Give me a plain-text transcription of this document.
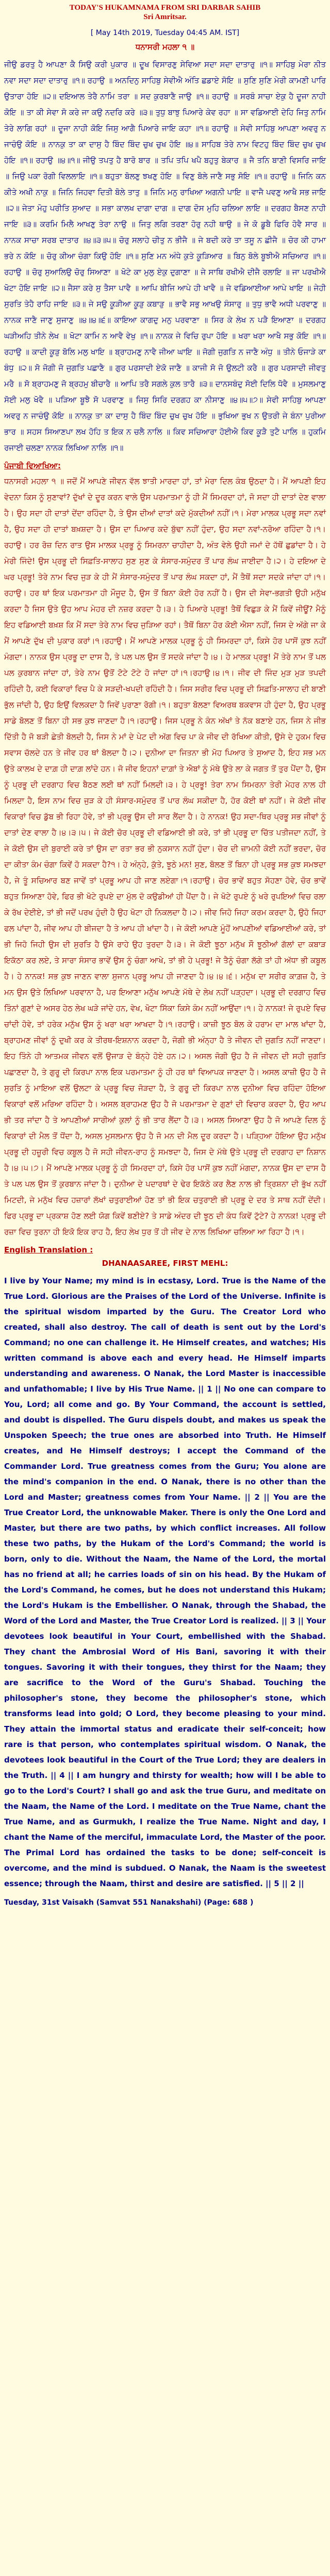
TODAY'S HUKAMNAMA FROM SRI DARBAR SAHIB
Sri Amritsar.
[ May 14th 2019, Tuesday 04:45 AM. IST]
ਧਨਾਸਰੀ ਮਹਲਾ ੧ ॥

ਜੀਉ ਡਰਤੁ ਹੈ ਆਪਣਾ ਕੈ ਸਿਉ ਕਰੀ ਪੁਕਾਰ ॥ ਦੂਖ ਵਿਸਾਰਣੁ ਸੇਵਿਆ ਸਦਾ ਸਦਾ ਦਾਤਾਰੁ ॥੧॥ ਸਾਹਿਬੁ ਮੇਰਾ ਨੀਤ ਨਵਾ ਸਦਾ ਸਦਾ ਦਾਤਾਰੁ ॥੧॥ ਰਹਾਉ ॥ ਅਨਦਿਨੁ ਸਾਹਿਬੁ ਸੇਵੀਐ ਅੰਤਿ ਛਡਾਏ ਸੋਇ ॥ ਸੁਣਿ ਸੁਣਿ ਮੇਰੀ ਕਾਮਣੀ ਪਾਰਿ ਉਤਾਰਾ ਹੋਇ ॥੨॥ ਦਇਆਲ ਤੇਰੈ ਨਾਮਿ ਤਰਾ ॥ ਸਦ ਕੁਰਬਾਣੈ ਜਾਉ ॥੧॥ ਰਹਾਉ ॥ ਸਰਬੰ ਸਾਚਾ ਏਕੁ ਹੈ ਦੂਜਾ ਨਾਹੀ ਕੋਇ ॥ ਤਾ ਕੀ ਸੇਵਾ ਸੋ ਕਰੇ ਜਾ ਕਉ ਨਦਰਿ ਕਰੇ ॥੩॥ ਤੁਧੁ ਬਾਝੁ ਪਿਆਰੇ ਕੇਵ ਰਹਾ ॥ ਸਾ ਵਡਿਆਈ ਦੇਹਿ ਜਿਤੁ ਨਾਮਿ ਤੇਰੇ ਲਾਗਿ ਰਹਾਂ ॥ ਦੂਜਾ ਨਾਹੀ ਕੋਇ ਜਿਸੁ ਆਗੈ ਪਿਆਰੇ ਜਾਇ ਕਹਾ ॥੧॥ ਰਹਾਉ ॥ ਸੇਵੀ ਸਾਹਿਬੁ ਆਪਣਾ ਅਵਰੁ ਨ ਜਾਚੰਉ ਕੋਇ ॥ ਨਾਨਕੁ ਤਾ ਕਾ ਦਾਸੁ ਹੈ ਬਿੰਦ ਬਿੰਦ ਚੁਖ ਚੁਖ ਹੋਇ ॥੪॥ ਸਾਹਿਬ ਤੇਰੇ ਨਾਮ ਵਿਟਹੁ ਬਿੰਦ ਬਿੰਦ ਚੁਖ ਚੁਖ ਹੋਇ ॥੧॥ ਰਹਾਉ ॥੪॥੧॥ ਜੀਉ ਤਪਤੁ ਹੈ ਬਾਰੋ ਬਾਰ ॥ ਤਪਿ ਤਪਿ ਖਪੈ ਬਹੁਤੁ ਬੇਕਾਰ ॥ ਜੈ ਤਨਿ ਬਾਣੀ ਵਿਸਰਿ ਜਾਇ ॥ ਜਿਉ ਪਕਾ ਰੋਗੀ ਵਿਲਲਾਇ ॥੧॥ ਬਹੁਤਾ ਬੋਲਣੁ ਝਖਣੁ ਹੋਇ ॥ ਵਿਣੁ ਬੋਲੇ ਜਾਣੈ ਸਭੁ ਸੋਇ ॥੧॥ ਰਹਾਉ ॥ ਜਿਨਿ ਕਨ ਕੀਤੇ ਅਖੀ ਨਾਕੁ ॥ ਜਿਨਿ ਜਿਹਵਾ ਦਿਤੀ ਬੋਲੇ ਤਾਤੁ ॥ ਜਿਨਿ ਮਨੁ ਰਾਖਿਆ ਅਗਨੀ ਪਾਇ ॥ ਵਾਜੈ ਪਵਣੁ ਆਖੈ ਸਭ ਜਾਇ ॥੨॥ ਜੇਤਾ ਮੋਹੁ ਪਰੀਤਿ ਸੁਆਦ ॥ ਸਭਾ ਕਾਲਖ ਦਾਗਾ ਦਾਗ ॥ ਦਾਗ ਦੋਸ ਮੁਹਿ ਚਲਿਆ ਲਾਇ ॥ ਦਰਗਹ ਬੈਸਣ ਨਾਹੀ ਜਾਇ ॥੩॥ ਕਰਮਿ ਮਿਲੈ ਆਖਣੁ ਤੇਰਾ ਨਾਉ ॥ ਜਿਤੁ ਲਗਿ ਤਰਣਾ ਹੋਰੁ ਨਹੀ ਥਾਉ ॥ ਜੇ ਕੋ ਡੂਬੈ ਫਿਰਿ ਹੋਵੈ ਸਾਰ ॥ ਨਾਨਕ ਸਾਚਾ ਸਰਬ ਦਾਤਾਰ ॥੪॥੩॥੫॥ ਚੋਰੁ ਸਲਾਹੇ ਚੀਤੁ ਨ ਭੀਜੈ ॥ ਜੇ ਬਦੀ ਕਰੇ ਤਾ ਤਸੂ ਨ ਛੀਜੈ ॥ ਚੋਰ ਕੀ ਹਾਮਾ ਭਰੇ ਨ ਕੋਇ ॥ ਚੋਰੁ ਕੀਆ ਚੰਗਾ ਕਿਉ ਹੋਇ ॥੧॥ ਸੁਣਿ ਮਨ ਅੰਧੇ ਕੁਤੇ ਕੂੜਿਆਰ ॥ ਬਿਨੁ ਬੋਲੇ ਬੂਝੀਐ ਸਚਿਆਰ ॥੧॥ ਰਹਾਉ ॥ ਚੋਰੁ ਸੁਆਲਿਉ ਚੋਰੁ ਸਿਆਣਾ ॥ ਖੋਟੇ ਕਾ ਮੁਲੁ ਏਕੁ ਦੁਗਾਣਾ ॥ ਜੇ ਸਾਥਿ ਰਖੀਐ ਦੀਜੈ ਰਲਾਇ ॥ ਜਾ ਪਰਖੀਐ ਖੋਟਾ ਹੋਇ ਜਾਇ ॥੨॥ ਜੈਸਾ ਕਰੇ ਸੁ ਤੈਸਾ ਪਾਵੈ ॥ ਆਪਿ ਬੀਜਿ ਆਪੇ ਹੀ ਖਾਵੈ ॥ ਜੇ ਵਡਿਆਈਆ ਆਪੇ ਖਾਇ ॥ ਜੇਹੀ ਸੁਰਤਿ ਤੇਹੈ ਰਾਹਿ ਜਾਇ ॥੩॥ ਜੇ ਸਉ ਕੂੜੀਆ ਕੂੜੁ ਕਬਾੜੁ ॥ ਭਾਵੈ ਸਭੁ ਆਖਉ ਸੰਸਾਰੁ ॥ ਤੁਧੁ ਭਾਵੈ ਅਧੀ ਪਰਵਾਣੁ ॥ ਨਾਨਕ ਜਾਣੈ ਜਾਣੁ ਸੁਜਾਣੁ ॥੪॥੪॥੬॥ ਕਾਇਆ ਕਾਗਦੁ ਮਨੁ ਪਰਵਾਣਾ ॥ ਸਿਰ ਕੇ ਲੇਖ ਨ ਪੜੈ ਇਆਣਾ ॥ ਦਰਗਹ ਘੜੀਅਹਿ ਤੀਨੇ ਲੇਖ ॥ ਖੋਟਾ ਕਾਮਿ ਨ ਆਵੈ ਵੇਖੁ ॥੧॥ ਨਾਨਕ ਜੇ ਵਿਚਿ ਰੁਪਾ ਹੋਇ ॥ ਖਰਾ ਖਰਾ ਆਖੈ ਸਭੁ ਕੋਇ ॥੧॥ ਰਹਾਉ ॥ ਕਾਦੀ ਕੂੜੁ ਬੋਲਿ ਮਲੁ ਖਾਇ ॥ ਬ੍ਰਾਹਮਣੁ ਨਾਵੈ ਜੀਆ ਘਾਇ ॥ ਜੋਗੀ ਜੁਗਤਿ ਨ ਜਾਣੈ ਅੰਧੁ ॥ ਤੀਨੇ ਓਜਾੜੇ ਕਾ ਬੰਧੁ ॥੨॥ ਸੋ ਜੋਗੀ ਜੋ ਜੁਗਤਿ ਪਛਾਣੈ ॥ ਗੁਰ ਪਰਸਾਦੀ ਏਕੋ ਜਾਣੈ ॥ ਕਾਜੀ ਸੋ ਜੋ ਉਲਟੀ ਕਰੈ ॥ ਗੁਰ ਪਰਸਾਦੀ ਜੀਵਤੁ ਮਰੈ ॥ ਸੋ ਬ੍ਰਾਹਮਣੁ ਜੋ ਬ੍ਰਹਮੁ ਬੀਚਾਰੈ ॥ ਆਪਿ ਤਰੈ ਸਗਲੇ ਕੁਲ ਤਾਰੈ ॥੩॥ ਦਾਨਸਬੰਦੁ ਸੋਈ ਦਿਲਿ ਧੋਵੈ ॥ ਮੁਸਲਮਾਣੁ ਸੋਈ ਮਲੁ ਖੋਵੈ ॥ ਪੜਿਆ ਬੂਝੈ ਸੋ ਪਰਵਾਣੁ ॥ ਜਿਸੁ ਸਿਰਿ ਦਰਗਹ ਕਾ ਨੀਸਾਣੁ ॥੪॥੫॥੭॥ ਸੇਵੀ ਸਾਹਿਬੁ ਆਪਣਾ ਅਵਰੁ ਨ ਜਾਚੰਉ ਕੋਇ ॥ ਨਾਨਕੁ ਤਾ ਕਾ ਦਾਸੁ ਹੈ ਬਿੰਦ ਬਿੰਦ ਚੁਖ ਚੁਖ ਹੋਇ ॥ ਭੁਖਿਆ ਭੁਖ ਨ ਉਤਰੀ ਜੇ ਬੰਨਾ ਪੁਰੀਆ ਭਾਰ ॥ ਸਹਸ ਸਿਆਣਪਾ ਲਖ ਹੋਹਿ ਤ ਇਕ ਨ ਚਲੈ ਨਾਲਿ ॥ ਕਿਵ ਸਚਿਆਰਾ ਹੋਈਐ ਕਿਵ ਕੂੜੈ ਤੁਟੈ ਪਾਲਿ ॥ ਹੁਕਮਿ ਰਜਾਈ ਚਲਣਾ ਨਾਨਕ ਲਿਖਿਆ ਨਾਲਿ ॥੧॥

ਪੰਜਾਬੀ ਵਿਆਖਿਆ:

ਧਨਾਸਰੀ ਮਹਲਾ ੧ ॥ ਜਦੋਂ ਮੈਂ ਆਪਣੇ ਜੀਵਨ ਵੱਲ ਝਾਤੀ ਮਾਰਦਾ ਹਾਂ, ਤਾਂ ਮੇਰਾ ਦਿਲ ਕੰਬ ਉਠਦਾ ਹੈ। ਮੈਂ ਆਪਣੀ ਇਹ ਵੇਦਨਾ ਕਿਸ ਨੂੰ ਸੁਣਾਵਾਂ? ਦੁੱਖਾਂ ਦੇ ਦੂਰ ਕਰਨ ਵਾਲੇ ਉਸ ਪਰਮਾਤਮਾ ਨੂੰ ਹੀ ਮੈਂ ਸਿਮਰਦਾ ਹਾਂ, ਜੋ ਸਦਾ ਹੀ ਦਾਤਾਂ ਦੇਣ ਵਾਲਾ ਹੈ। ਉਹ ਸਦਾ ਹੀ ਦਾਤਾਂ ਦੇਂਦਾ ਰਹਿੰਦਾ ਹੈ, ਤੇ ਉਸ ਦੀਆਂ ਦਾਤਾਂ ਕਦੇ ਮੁੱਕਦੀਆਂ ਨਹੀਂ।੧। ਮੇਰਾ ਮਾਲਕ ਪ੍ਰਭੂ ਸਦਾ ਨਵਾਂ ਹੈ, ਉਹ ਸਦਾ ਹੀ ਦਾਤਾਂ ਬਖ਼ਸ਼ਦਾ ਹੈ। ਉਸ ਦਾ ਪਿਆਰ ਕਦੇ ਬੁੱਢਾ ਨਹੀਂ ਹੁੰਦਾ, ਉਹ ਸਦਾ ਨਵਾਂ-ਨਰੋਆ ਰਹਿੰਦਾ ਹੈ।੧।ਰਹਾਉ। ਹਰ ਰੋਜ਼ ਦਿਨ ਰਾਤ ਉਸ ਮਾਲਕ ਪ੍ਰਭੂ ਨੂੰ ਸਿਮਰਨਾ ਚਾਹੀਦਾ ਹੈ, ਅੰਤ ਵੇਲੇ ਉਹੀ ਜਮਾਂ ਦੇ ਹੱਥੋਂ ਛੁਡਾਂਦਾ ਹੈ। ਹੇ ਮੇਰੀ ਜਿੰਦੇ! ਉਸ ਪ੍ਰਭੂ ਦੀ ਸਿਫ਼ਤਿ-ਸਾਲਾਹ ਸੁਣ ਸੁਣ ਕੇ ਸੰਸਾਰ-ਸਮੁੰਦਰ ਤੋਂ ਪਾਰ ਲੰਘ ਜਾਈਦਾ ਹੈ।੨। ਹੇ ਦਇਆ ਦੇ ਘਰ ਪ੍ਰਭੂ! ਤੇਰੇ ਨਾਮ ਵਿਚ ਜੁੜ ਕੇ ਹੀ ਮੈਂ ਸੰਸਾਰ-ਸਮੁੰਦਰ ਤੋਂ ਪਾਰ ਲੰਘ ਸਕਦਾ ਹਾਂ, ਮੈਂ ਤੈਥੋਂ ਸਦਾ ਸਦਕੇ ਜਾਂਦਾ ਹਾਂ।੧।ਰਹਾਉ। ਹਰ ਥਾਂ ਇਕ ਪਰਮਾਤਮਾ ਹੀ ਮੌਜੂਦ ਹੈ, ਉਸ ਤੋਂ ਬਿਨਾ ਕੋਈ ਹੋਰ ਨਹੀਂ ਹੈ। ਉਸ ਦੀ ਸੇਵਾ-ਭਗਤੀ ਉਹੀ ਮਨੁੱਖ ਕਰਦਾ ਹੈ ਜਿਸ ਉਤੇ ਉਹ ਆਪ ਮੇਹਰ ਦੀ ਨਜ਼ਰ ਕਰਦਾ ਹੈ।੩। ਹੇ ਪਿਆਰੇ ਪ੍ਰਭੂ! ਤੈਥੋਂ ਵਿਛੁੜ ਕੇ ਮੈਂ ਕਿਵੇਂ ਜੀਊਂ? ਮੈਨੂੰ ਇਹ ਵਡਿਆਈ ਬਖ਼ਸ਼ ਕਿ ਮੈਂ ਸਦਾ ਤੇਰੇ ਨਾਮ ਵਿਚ ਜੁੜਿਆ ਰਹਾਂ। ਤੈਥੋਂ ਬਿਨਾ ਹੋਰ ਕੋਈ ਐਸਾ ਨਹੀਂ, ਜਿਸ ਦੇ ਅੱਗੇ ਜਾ ਕੇ ਮੈਂ ਆਪਣੇ ਦੁੱਖ ਦੀ ਪੁਕਾਰ ਕਰਾਂ।੧।ਰਹਾਉ। ਮੈਂ ਆਪਣੇ ਮਾਲਕ ਪ੍ਰਭੂ ਨੂੰ ਹੀ ਸਿਮਰਦਾ ਹਾਂ, ਕਿਸੇ ਹੋਰ ਪਾਸੋਂ ਕੁਝ ਨਹੀਂ ਮੰਗਦਾ। ਨਾਨਕ ਉਸ ਪ੍ਰਭੂ ਦਾ ਦਾਸ ਹੈ, ਤੇ ਪਲ ਪਲ ਉਸ ਤੋਂ ਸਦਕੇ ਜਾਂਦਾ ਹੈ।੪। ਹੇ ਮਾਲਕ ਪ੍ਰਭੂ! ਮੈਂ ਤੇਰੇ ਨਾਮ ਤੋਂ ਪਲ ਪਲ ਕੁਰਬਾਨ ਜਾਂਦਾ ਹਾਂ, ਤੇਰੇ ਨਾਮ ਉਤੋਂ ਟੋਟੇ ਟੋਟੇ ਹੋ ਜਾਂਦਾ ਹਾਂ।੧।ਰਹਾਉ।੪।੧। ਜੀਵ ਦੀ ਜਿੰਦ ਮੁੜ ਮੁੜ ਤਪਦੀ ਰਹਿੰਦੀ ਹੈ, ਕਈ ਵਿਕਾਰਾਂ ਵਿਚ ਪੈ ਕੇ ਸੜਦੀ-ਖਪਦੀ ਰਹਿੰਦੀ ਹੈ। ਜਿਸ ਸਰੀਰ ਵਿਚ ਪ੍ਰਭੂ ਦੀ ਸਿਫ਼ਤਿ-ਸਾਲਾਹ ਦੀ ਬਾਣੀ ਭੁੱਲ ਜਾਂਦੀ ਹੈ, ਉਹ ਇਉਂ ਵਿਲਕਦਾ ਹੈ ਜਿਵੇਂ ਪੁਰਾਣਾ ਰੋਗੀ।੧। ਬਹੁਤਾ ਬੋਲਣਾ ਵਿਅਰਥ ਬਕਵਾਸ ਹੀ ਹੁੰਦਾ ਹੈ, ਉਹ ਪ੍ਰਭੂ ਸਾਡੇ ਬੋਲਣ ਤੋਂ ਬਿਨਾ ਹੀ ਸਭ ਕੁਝ ਜਾਣਦਾ ਹੈ।੧।ਰਹਾਉ। ਜਿਸ ਪ੍ਰਭੂ ਨੇ ਕੰਨ ਅੱਖਾਂ ਤੇ ਨੱਕ ਬਣਾਏ ਹਨ, ਜਿਸ ਨੇ ਜੀਭ ਦਿੱਤੀ ਹੈ ਜੋ ਬੜੀ ਛੇਤੀ ਬੋਲਦੀ ਹੈ, ਜਿਸ ਨੇ ਮਾਂ ਦੇ ਪੇਟ ਦੀ ਅੱਗ ਵਿਚ ਪਾ ਕੇ ਜੀਵ ਦੀ ਰੱਖਿਆ ਕੀਤੀ, ਉਸੇ ਦੇ ਹੁਕਮ ਵਿਚ ਸਵਾਸ ਚੱਲਦੇ ਹਨ ਤੇ ਜੀਵ ਹਰ ਥਾਂ ਬੋਲਦਾ ਹੈ।੨। ਦੁਨੀਆ ਦਾ ਜਿਤਨਾ ਭੀ ਮੋਹ ਪਿਆਰ ਤੇ ਸੁਆਦ ਹੈ, ਇਹ ਸਭ ਮਨ ਉਤੇ ਕਾਲਖ ਦੇ ਦਾਗ਼ ਹੀ ਦਾਗ਼ ਲਾਂਦੇ ਹਨ। ਜੋ ਜੀਵ ਇਹਨਾਂ ਦਾਗ਼ਾਂ ਤੇ ਐਬਾਂ ਨੂੰ ਮੱਥੇ ਉਤੇ ਲਾ ਕੇ ਜਗਤ ਤੋਂ ਤੁਰ ਪੈਂਦਾ ਹੈ, ਉਸ ਨੂੰ ਪ੍ਰਭੂ ਦੀ ਦਰਗਾਹ ਵਿਚ ਬੈਠਣ ਲਈ ਥਾਂ ਨਹੀਂ ਮਿਲਦੀ।੩। ਹੇ ਪ੍ਰਭੂ! ਤੇਰਾ ਨਾਮ ਸਿਮਰਨਾ ਤੇਰੀ ਮੇਹਰ ਨਾਲ ਹੀ ਮਿਲਦਾ ਹੈ, ਇਸ ਨਾਮ ਵਿਚ ਜੁੜ ਕੇ ਹੀ ਸੰਸਾਰ-ਸਮੁੰਦਰ ਤੋਂ ਪਾਰ ਲੰਘ ਸਕੀਦਾ ਹੈ, ਹੋਰ ਕੋਈ ਥਾਂ ਨਹੀਂ। ਜੇ ਕੋਈ ਜੀਵ ਵਿਕਾਰਾਂ ਵਿਚ ਡੁੱਬ ਭੀ ਰਿਹਾ ਹੋਵੇ, ਤਾਂ ਭੀ ਪ੍ਰਭੂ ਉਸ ਦੀ ਸਾਰ ਲੈਂਦਾ ਹੈ। ਹੇ ਨਾਨਕ! ਉਹ ਸਦਾ-ਥਿਰ ਪ੍ਰਭੂ ਸਭ ਜੀਵਾਂ ਨੂੰ ਦਾਤਾਂ ਦੇਣ ਵਾਲਾ ਹੈ।੪।੩।੫। ਜੇ ਕੋਈ ਚੋਰ ਪ੍ਰਭੂ ਦੀ ਵਡਿਆਈ ਭੀ ਕਰੇ, ਤਾਂ ਭੀ ਪ੍ਰਭੂ ਦਾ ਚਿੱਤ ਪਤੀਜਦਾ ਨਹੀਂ, ਤੇ ਜੇ ਕੋਈ ਉਸ ਦੀ ਬੁਰਾਈ ਕਰੇ ਤਾਂ ਉਸ ਦਾ ਰਤਾ ਭਰ ਭੀ ਨੁਕਸਾਨ ਨਹੀਂ ਹੁੰਦਾ। ਚੋਰ ਦੀ ਜ਼ਾਮਨੀ ਕੋਈ ਨਹੀਂ ਭਰਦਾ, ਚੋਰ ਦਾ ਕੀਤਾ ਕੰਮ ਚੰਗਾ ਕਿਵੇਂ ਹੋ ਸਕਦਾ ਹੈ?੧। ਹੇ ਅੰਨ੍ਹੇ, ਕੁੱਤੇ, ਝੂਠੇ ਮਨ! ਸੁਣ, ਬੋਲਣ ਤੋਂ ਬਿਨਾ ਹੀ ਪ੍ਰਭੂ ਸਭ ਕੁਝ ਸਮਝਦਾ ਹੈ, ਜੇ ਤੂੰ ਸਚਿਆਰ ਬਣ ਜਾਵੇਂ ਤਾਂ ਪ੍ਰਭੂ ਆਪ ਹੀ ਜਾਣ ਲਏਗਾ।੧।ਰਹਾਉ। ਚੋਰ ਭਾਵੇਂ ਬਹੁਤ ਸੋਹਣਾ ਹੋਵੇ, ਚੋਰ ਭਾਵੇਂ ਬਹੁਤ ਸਿਆਣਾ ਹੋਵੇ, ਫਿਰ ਭੀ ਖੋਟੇ ਰੁਪਏ ਦਾ ਮੁੱਲ ਦੋ ਕਉਡੀਆਂ ਹੀ ਪੈਂਦਾ ਹੈ। ਜੇ ਖੋਟੇ ਰੁਪਏ ਨੂੰ ਖਰੇ ਰੁਪਇਆਂ ਵਿਚ ਰਲਾ ਕੇ ਰੱਖ ਦੇਈਏ, ਤਾਂ ਭੀ ਜਦੋਂ ਪਰਖ ਹੁੰਦੀ ਹੈ ਉਹ ਖੋਟਾ ਹੀ ਨਿਕਲਦਾ ਹੈ।੨। ਜੀਵ ਜਿਹੋ ਜਿਹਾ ਕਰਮ ਕਰਦਾ ਹੈ, ਉਹੋ ਜਿਹਾ ਫਲ ਪਾਂਦਾ ਹੈ, ਜੀਵ ਆਪ ਹੀ ਬੀਜਦਾ ਹੈ ਤੇ ਆਪ ਹੀ ਖਾਂਦਾ ਹੈ। ਜੇ ਕੋਈ ਆਪਣੇ ਮੂੰਹੋਂ ਆਪਣੀਆਂ ਵਡਿਆਈਆਂ ਕਰੇ, ਤਾਂ ਭੀ ਜਿਹੋ ਜਿਹੀ ਉਸ ਦੀ ਸੁਰਤਿ ਹੈ ਉਸੇ ਰਾਹੇ ਉਹ ਤੁਰਦਾ ਹੈ।੩। ਜੇ ਕੋਈ ਝੂਠਾ ਮਨੁੱਖ ਸੌ ਝੂਠੀਆਂ ਗੱਲਾਂ ਦਾ ਕਬਾੜ ਇਕੱਠਾ ਕਰ ਲਏ, ਤੇ ਸਾਰਾ ਸੰਸਾਰ ਭਾਵੇਂ ਉਸ ਨੂੰ ਚੰਗਾ ਆਖੇ, ਤਾਂ ਭੀ ਹੇ ਪ੍ਰਭੂ! ਜੇ ਤੈਨੂੰ ਚੰਗਾ ਲੱਗੇ ਤਾਂ ਹੀ ਅੱਧਾ ਭੀ ਕਬੂਲ ਹੈ। ਹੇ ਨਾਨਕ! ਸਭ ਕੁਝ ਜਾਣਨ ਵਾਲਾ ਸੁਜਾਨ ਪ੍ਰਭੂ ਆਪ ਹੀ ਜਾਣਦਾ ਹੈ।੪।੪।੬। ਮਨੁੱਖ ਦਾ ਸਰੀਰ ਕਾਗ਼ਜ਼ ਹੈ, ਤੇ ਮਨ ਉਸ ਉਤੇ ਲਿਖਿਆ ਪਰਵਾਨਾ ਹੈ, ਪਰ ਇਆਣਾ ਮਨੁੱਖ ਆਪਣੇ ਮੱਥੇ ਦੇ ਲੇਖ ਨਹੀਂ ਪੜ੍ਹਦਾ। ਪ੍ਰਭੂ ਦੀ ਦਰਗਾਹ ਵਿਚ ਤਿੰਨਾਂ ਗੁਣਾਂ ਦੇ ਅਸਰ ਹੇਠ ਲੇਖ ਘੜੇ ਜਾਂਦੇ ਹਨ, ਵੇਖ, ਖੋਟਾ ਸਿੱਕਾ ਕਿਸੇ ਕੰਮ ਨਹੀਂ ਆਉਂਦਾ।੧। ਹੇ ਨਾਨਕ! ਜੇ ਰੁਪਏ ਵਿਚ ਚਾਂਦੀ ਹੋਵੇ, ਤਾਂ ਹਰੇਕ ਮਨੁੱਖ ਉਸ ਨੂੰ ਖਰਾ ਖਰਾ ਆਖਦਾ ਹੈ।੧।ਰਹਾਉ। ਕਾਜ਼ੀ ਝੂਠ ਬੋਲ ਕੇ ਹਰਾਮ ਦਾ ਮਾਲ ਖਾਂਦਾ ਹੈ, ਬ੍ਰਾਹਮਣ ਜੀਵਾਂ ਨੂੰ ਦੁਖੀ ਕਰ ਕੇ ਤੀਰਥ-ਇਸ਼ਨਾਨ ਕਰਦਾ ਹੈ, ਜੋਗੀ ਭੀ ਅੰਨ੍ਹਾ ਹੈ ਤੇ ਜੀਵਨ ਦੀ ਜੁਗਤਿ ਨਹੀਂ ਜਾਣਦਾ। ਇਹ ਤਿੰਨੇ ਹੀ ਆਤਮਕ ਜੀਵਨ ਵਲੋਂ ਉਜਾੜ ਦੇ ਬੰਨ੍ਹੇ ਹੋਏ ਹਨ।੨। ਅਸਲ ਜੋਗੀ ਉਹ ਹੈ ਜੋ ਜੀਵਨ ਦੀ ਸਹੀ ਜੁਗਤਿ ਪਛਾਣਦਾ ਹੈ, ਤੇ ਗੁਰੂ ਦੀ ਕਿਰਪਾ ਨਾਲ ਇਕ ਪਰਮਾਤਮਾ ਨੂੰ ਹੀ ਹਰ ਥਾਂ ਵਿਆਪਕ ਜਾਣਦਾ ਹੈ। ਅਸਲ ਕਾਜ਼ੀ ਉਹ ਹੈ ਜੋ ਸੁਰਤਿ ਨੂੰ ਮਾਇਆ ਵਲੋਂ ਉਲਟਾ ਕੇ ਪ੍ਰਭੂ ਵਿਚ ਜੋੜਦਾ ਹੈ, ਤੇ ਗੁਰੂ ਦੀ ਕਿਰਪਾ ਨਾਲ ਦੁਨੀਆ ਵਿਚ ਰਹਿੰਦਾ ਹੋਇਆ ਵਿਕਾਰਾਂ ਵਲੋਂ ਮਰਿਆ ਰਹਿੰਦਾ ਹੈ। ਅਸਲ ਬ੍ਰਾਹਮਣ ਉਹ ਹੈ ਜੋ ਪਰਮਾਤਮਾ ਦੇ ਗੁਣਾਂ ਦੀ ਵਿਚਾਰ ਕਰਦਾ ਹੈ, ਉਹ ਆਪ ਭੀ ਤਰ ਜਾਂਦਾ ਹੈ ਤੇ ਆਪਣੀਆਂ ਸਾਰੀਆਂ ਕੁਲਾਂ ਨੂੰ ਭੀ ਤਾਰ ਲੈਂਦਾ ਹੈ।੩। ਅਸਲ ਸਿਆਣਾ ਉਹ ਹੈ ਜੋ ਆਪਣੇ ਦਿਲ ਨੂੰ ਵਿਕਾਰਾਂ ਦੀ ਮੈਲ ਤੋਂ ਧੋਂਦਾ ਹੈ, ਅਸਲ ਮੁਸਲਮਾਨ ਉਹ ਹੈ ਜੋ ਮਨ ਦੀ ਮੈਲ ਦੂਰ ਕਰਦਾ ਹੈ। ਪੜ੍ਹਿਆ ਹੋਇਆ ਉਹ ਮਨੁੱਖ ਪ੍ਰਭੂ ਦੀ ਹਜ਼ੂਰੀ ਵਿਚ ਕਬੂਲ ਹੈ ਜੋ ਸਹੀ ਜੀਵਨ-ਰਾਹ ਨੂੰ ਸਮਝਦਾ ਹੈ, ਜਿਸ ਦੇ ਮੱਥੇ ਉਤੇ ਪ੍ਰਭੂ ਦੀ ਦਰਗਾਹ ਦਾ ਨਿਸ਼ਾਨ ਹੈ।੪।੫।੭। ਮੈਂ ਆਪਣੇ ਮਾਲਕ ਪ੍ਰਭੂ ਨੂੰ ਹੀ ਸਿਮਰਦਾ ਹਾਂ, ਕਿਸੇ ਹੋਰ ਪਾਸੋਂ ਕੁਝ ਨਹੀਂ ਮੰਗਦਾ, ਨਾਨਕ ਉਸ ਦਾ ਦਾਸ ਹੈ ਤੇ ਪਲ ਪਲ ਉਸ ਤੋਂ ਕੁਰਬਾਨ ਜਾਂਦਾ ਹੈ। ਦੁਨੀਆ ਦੇ ਪਦਾਰਥਾਂ ਦੇ ਢੇਰ ਇਕੱਠੇ ਕਰ ਲੈਣ ਨਾਲ ਭੀ ਤ੍ਰਿਸ਼ਨਾ ਦੀ ਭੁੱਖ ਨਹੀਂ ਮਿਟਦੀ, ਜੇ ਮਨੁੱਖ ਵਿਚ ਹਜ਼ਾਰਾਂ ਲੱਖਾਂ ਚਤੁਰਾਈਆਂ ਹੋਣ ਤਾਂ ਭੀ ਇਕ ਚਤੁਰਾਈ ਭੀ ਪ੍ਰਭੂ ਦੇ ਦਰ ਤੇ ਸਾਥ ਨਹੀਂ ਦੇਂਦੀ। ਫਿਰ ਪ੍ਰਭੂ ਦਾ ਪ੍ਰਕਾਸ਼ ਹੋਣ ਲਈ ਯੋਗ ਕਿਵੇਂ ਬਣੀਏ? ਤੇ ਸਾਡੇ ਅੰਦਰ ਦੀ ਝੂਠ ਦੀ ਕੰਧ ਕਿਵੇਂ ਟੁੱਟੇ? ਹੇ ਨਾਨਕ! ਪ੍ਰਭੂ ਦੀ ਰਜ਼ਾ ਵਿਚ ਤੁਰਨਾ ਹੀ ਇਕੋ ਇਕ ਰਾਹ ਹੈ, ਇਹ ਲੇਖ ਧੁਰ ਤੋਂ ਹੀ ਜੀਵ ਦੇ ਨਾਲ ਲਿਖਿਆ ਚਲਿਆ ਆ ਰਿਹਾ ਹੈ।੧।

English Translation :
DHANAASAREE, FIRST MEHL:

I live by Your Name; my mind is in ecstasy, Lord. True is the Name of the True Lord. Glorious are the Praises of the Lord of the Universe. Infinite is the spiritual wisdom imparted by the Guru. The Creator Lord who created, shall also destroy. The call of death is sent out by the Lord's Command; no one can challenge it. He Himself creates, and watches; His written command is above each and every head. He Himself imparts understanding and awareness. O Nanak, the Lord Master is inaccessible and unfathomable; I live by His True Name. || 1 || No one can compare to You, Lord; all come and go. By Your Command, the account is settled, and doubt is dispelled. The Guru dispels doubt, and makes us speak the Unspoken Speech; the true ones are absorbed into Truth. He Himself creates, and He Himself destroys; I accept the Command of the Commander Lord. True greatness comes from the Guru; You alone are the mind's companion in the end. O Nanak, there is no other than the Lord and Master; greatness comes from Your Name. || 2 || You are the True Creator Lord, the unknowable Maker. There is only the One Lord and Master, but there are two paths, by which conflict increases. All follow these two paths, by the Hukam of the Lord's Command; the world is born, only to die. Without the Naam, the Name of the Lord, the mortal has no friend at all; he carries loads of sin on his head. By the Hukam of the Lord's Command, he comes, but he does not understand this Hukam; the Lord's Hukam is the Embellisher. O Nanak, through the Shabad, the Word of the Lord and Master, the True Creator Lord is realized. || 3 || Your devotees look beautiful in Your Court, embellished with the Shabad. They chant the Ambrosial Word of His Bani, savoring it with their tongues. Savoring it with their tongues, they thirst for the Naam; they are sacrifice to the Word of the Guru's Shabad. Touching the philosopher's stone, they become the philosopher's stone, which transforms lead into gold; O Lord, they become pleasing to your mind. They attain the immortal status and eradicate their self-conceit; how rare is that person, who contemplates spiritual wisdom. O Nanak, the devotees look beautiful in the Court of the True Lord; they are dealers in the Truth. || 4 || I am hungry and thirsty for wealth; how will I be able to go to the Lord's Court? I shall go and ask the true Guru, and meditate on the Naam, the Name of the Lord. I meditate on the True Name, chant the True Name, and as Gurmukh, I realize the True Name. Night and day, I chant the Name of the merciful, immaculate Lord, the Master of the poor. The Primal Lord has ordained the tasks to be done; self-conceit is overcome, and the mind is subdued. O Nanak, the Naam is the sweetest essence; through the Naam, thirst and desire are satisfied. || 5 || 2 ||

Tuesday, 31st Vaisakh (Samvat 551 Nanakshahi) (Page: 688 )
